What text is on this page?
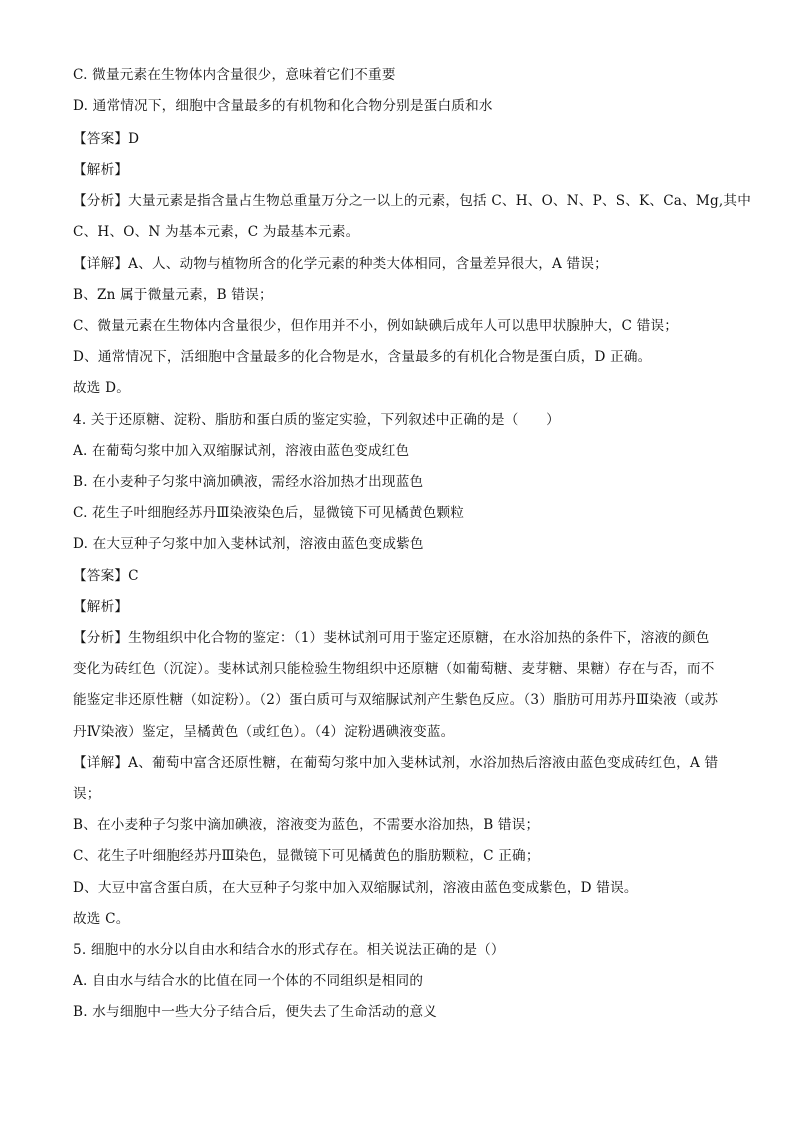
C. 微量元素在生物体内含量很少，意味着它们不重要
D. 通常情况下，细胞中含量最多的有机物和化合物分别是蛋白质和水
【答案】D
【解析】
【分析】大量元素是指含量占生物总重量万分之一以上的元素，包括 C、H、O、N、P、S、K、Ca、Mg,其中
C、H、O、N 为基本元素，C 为最基本元素。
【详解】A、人、动物与植物所含的化学元素的种类大体相同，含量差异很大，A 错误；
B、Zn 属于微量元素，B 错误；
C、微量元素在生物体内含量很少，但作用并不小，例如缺碘后成年人可以患甲状腺肿大，C 错误；
D、通常情况下，活细胞中含量最多的化合物是水，含量最多的有机化合物是蛋白质，D 正确。
故选 D。
4. 关于还原糖、淀粉、脂肪和蛋白质的鉴定实验，下列叙述中正确的是（　　）
A. 在葡萄匀浆中加入双缩脲试剂，溶液由蓝色变成红色
B. 在小麦种子匀浆中滴加碘液，需经水浴加热才出现蓝色
C. 花生子叶细胞经苏丹Ⅲ染液染色后，显微镜下可见橘黄色颗粒
D. 在大豆种子匀浆中加入斐林试剂，溶液由蓝色变成紫色
【答案】C
【解析】
【分析】生物组织中化合物的鉴定：（1）斐林试剂可用于鉴定还原糖，在水浴加热的条件下，溶液的颜色
变化为砖红色（沉淀）。斐林试剂只能检验生物组织中还原糖（如葡萄糖、麦芽糖、果糖）存在与否，而不
能鉴定非还原性糖（如淀粉）。（2）蛋白质可与双缩脲试剂产生紫色反应。（3）脂肪可用苏丹Ⅲ染液（或苏
丹Ⅳ染液）鉴定，呈橘黄色（或红色）。（4）淀粉遇碘液变蓝。
【详解】A、葡萄中富含还原性糖，在葡萄匀浆中加入斐林试剂，水浴加热后溶液由蓝色变成砖红色，A 错
误；
B、在小麦种子匀浆中滴加碘液，溶液变为蓝色，不需要水浴加热，B 错误；
C、花生子叶细胞经苏丹Ⅲ染色，显微镜下可见橘黄色的脂肪颗粒，C 正确；
D、大豆中富含蛋白质，在大豆种子匀浆中加入双缩脲试剂，溶液由蓝色变成紫色，D 错误。
故选 C。
5. 细胞中的水分以自由水和结合水的形式存在。相关说法正确的是（）
A. 自由水与结合水的比值在同一个体的不同组织是相同的
B. 水与细胞中一些大分子结合后，便失去了生命活动的意义
